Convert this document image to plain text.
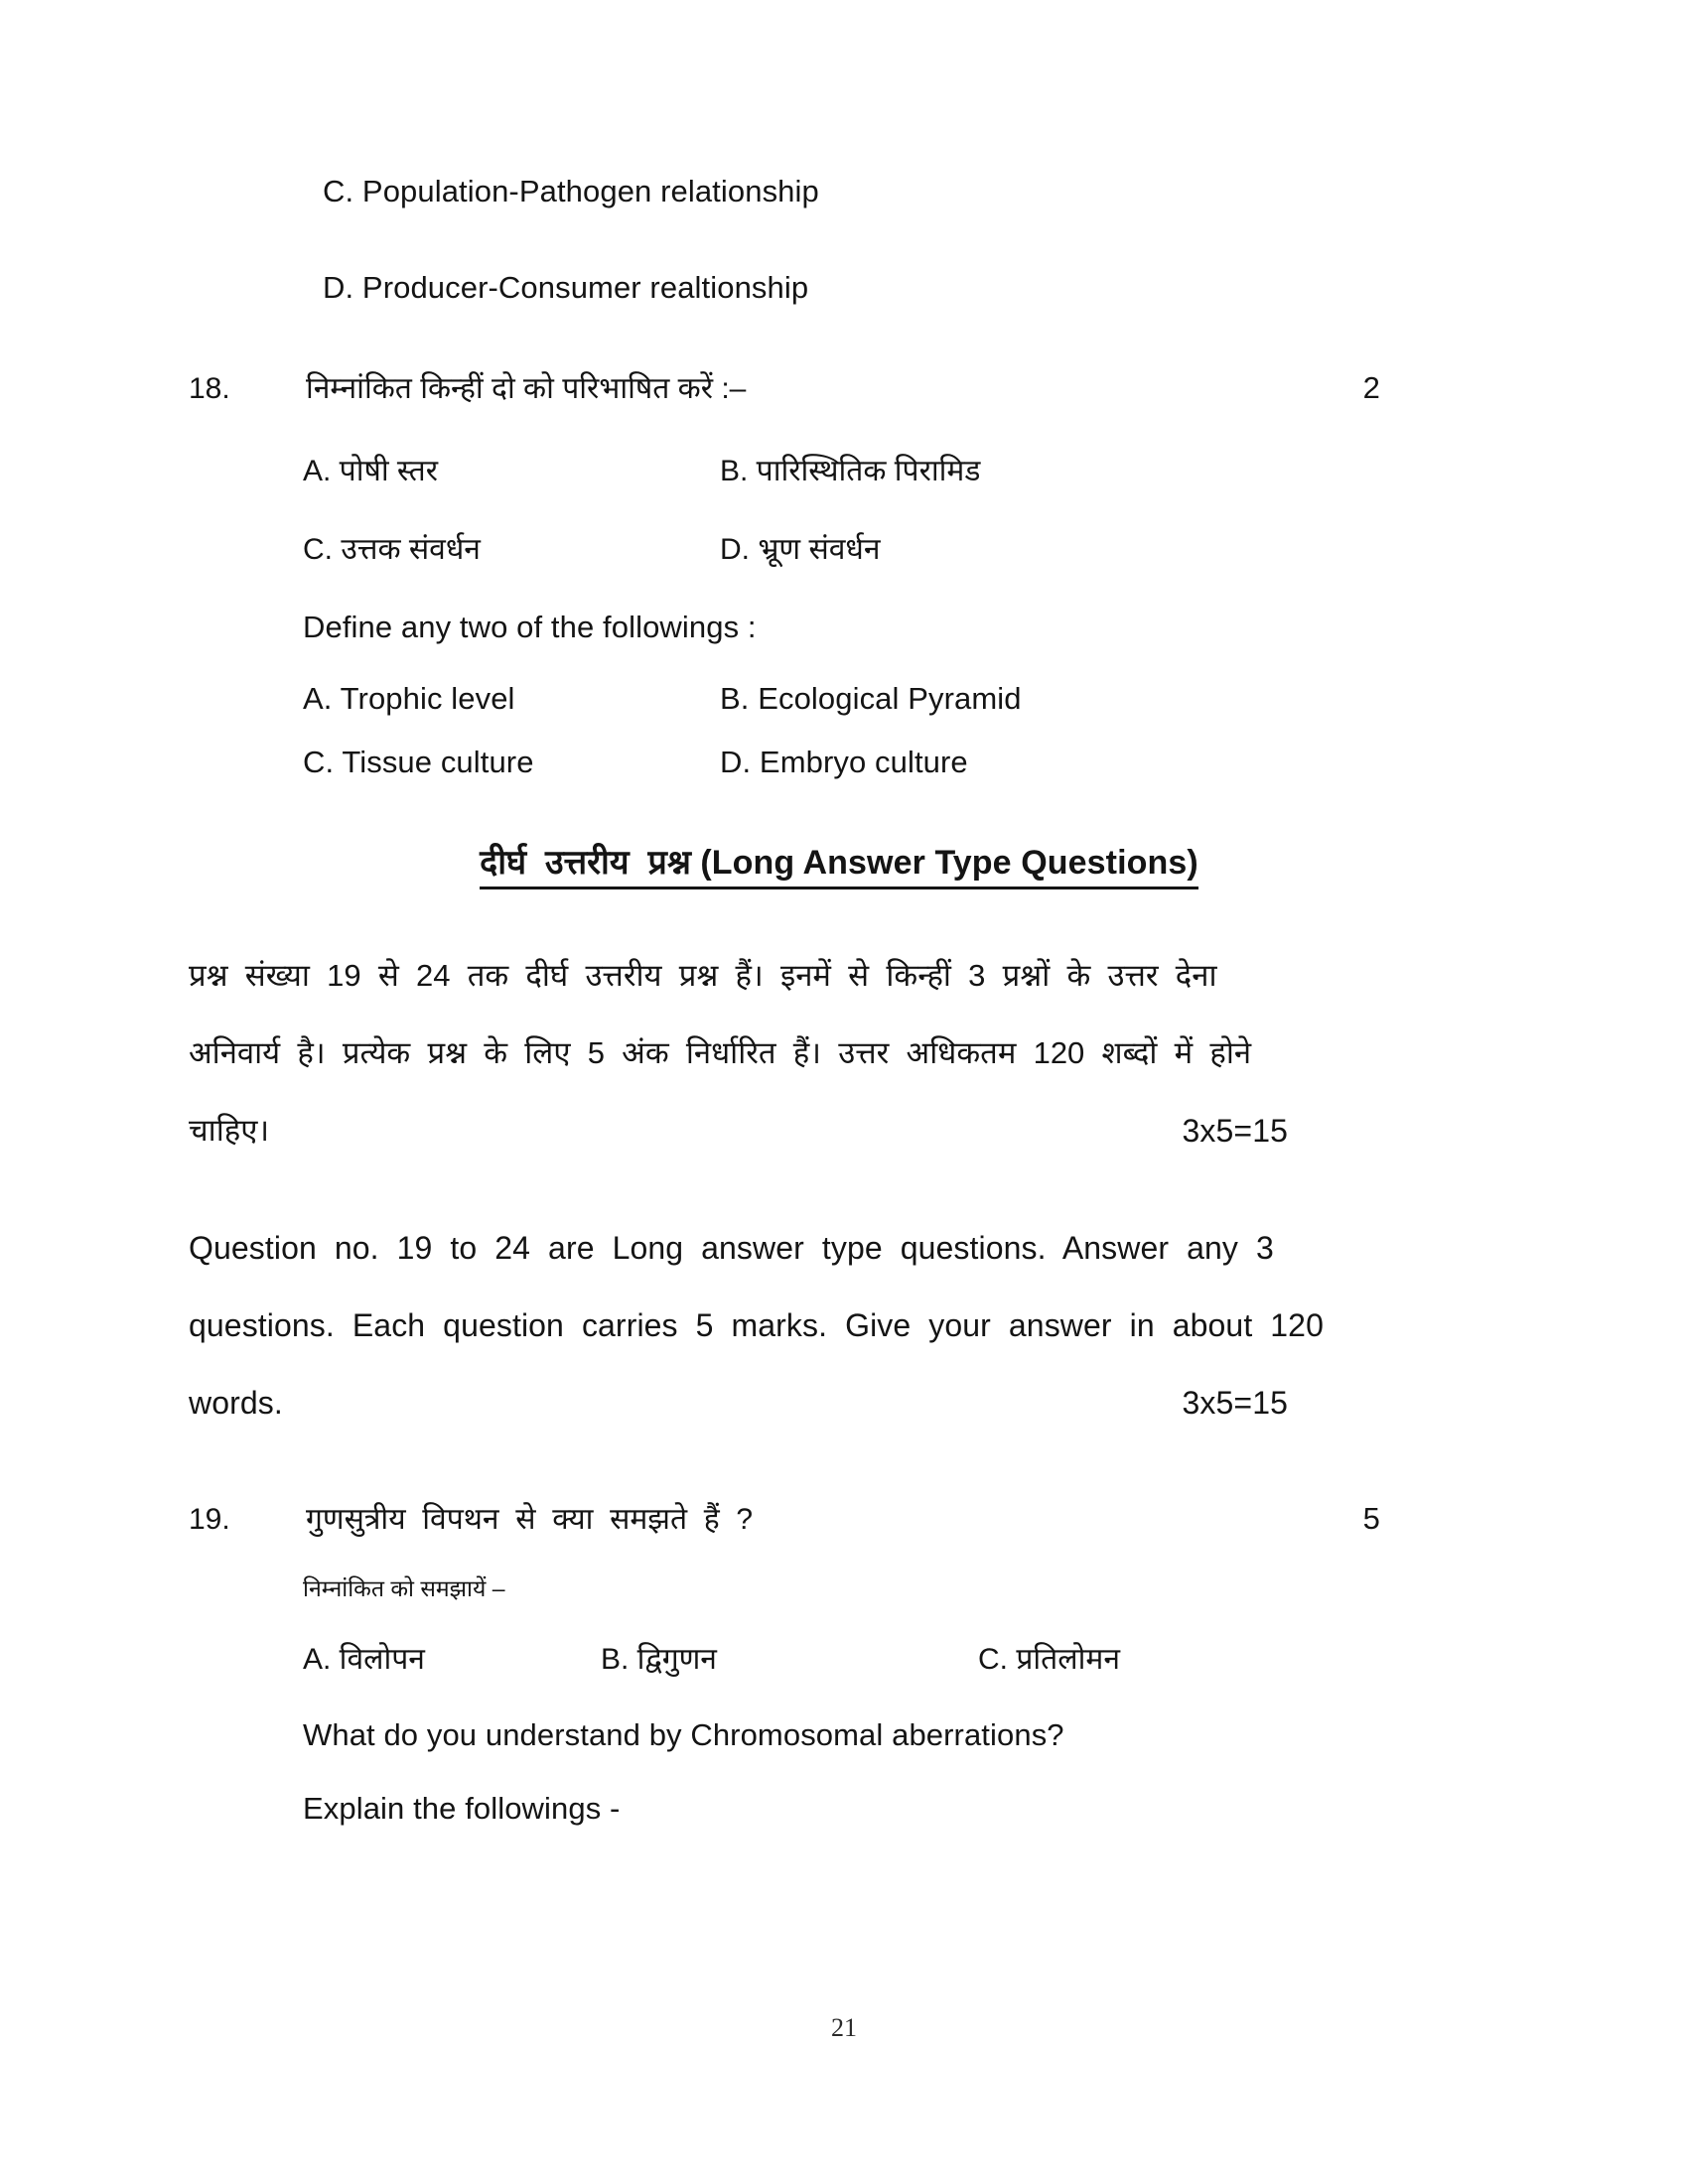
C. Population-Pathogen relationship
D. Producer-Consumer realtionship
18.	निम्नांकित किन्हीं दो को परिभाषित करें :–	2
A. पोषी स्तर	B. पारिस्थितिक पिरामिड
C. उत्तक संवर्धन	D. भ्रूण संवर्धन
Define any two of the followings :
A. Trophic level	B. Ecological Pyramid
C. Tissue culture	D. Embryo culture
दीर्घ  उत्तरीय  प्रश्न (Long Answer Type Questions)
प्रश्न  संख्या  19  से  24  तक  दीर्घ  उत्तरीय  प्रश्न  हैं।  इनमें  से  किन्हीं  3  प्रश्नों  के  उत्तर  देना
अनिवार्य  है।  प्रत्येक  प्रश्न  के  लिए  5  अंक  निर्धारित  हैं।  उत्तर  अधिकतम  120  शब्दों  में  होने
चाहिए।	3x5=15
Question  no.  19  to  24  are  Long  answer  type  questions.  Answer  any  3
questions.  Each  question  carries  5  marks.  Give  your  answer  in  about  120
words.	3x5=15
19.	गुणसुत्रीय  विपथन  से  क्या  समझते  हैं  ?	5
निम्नांकित को समझायें –
A. विलोपन	B. द्विगुणन	C. प्रतिलोमन
What do you understand by Chromosomal aberrations?
Explain the followings -
21
